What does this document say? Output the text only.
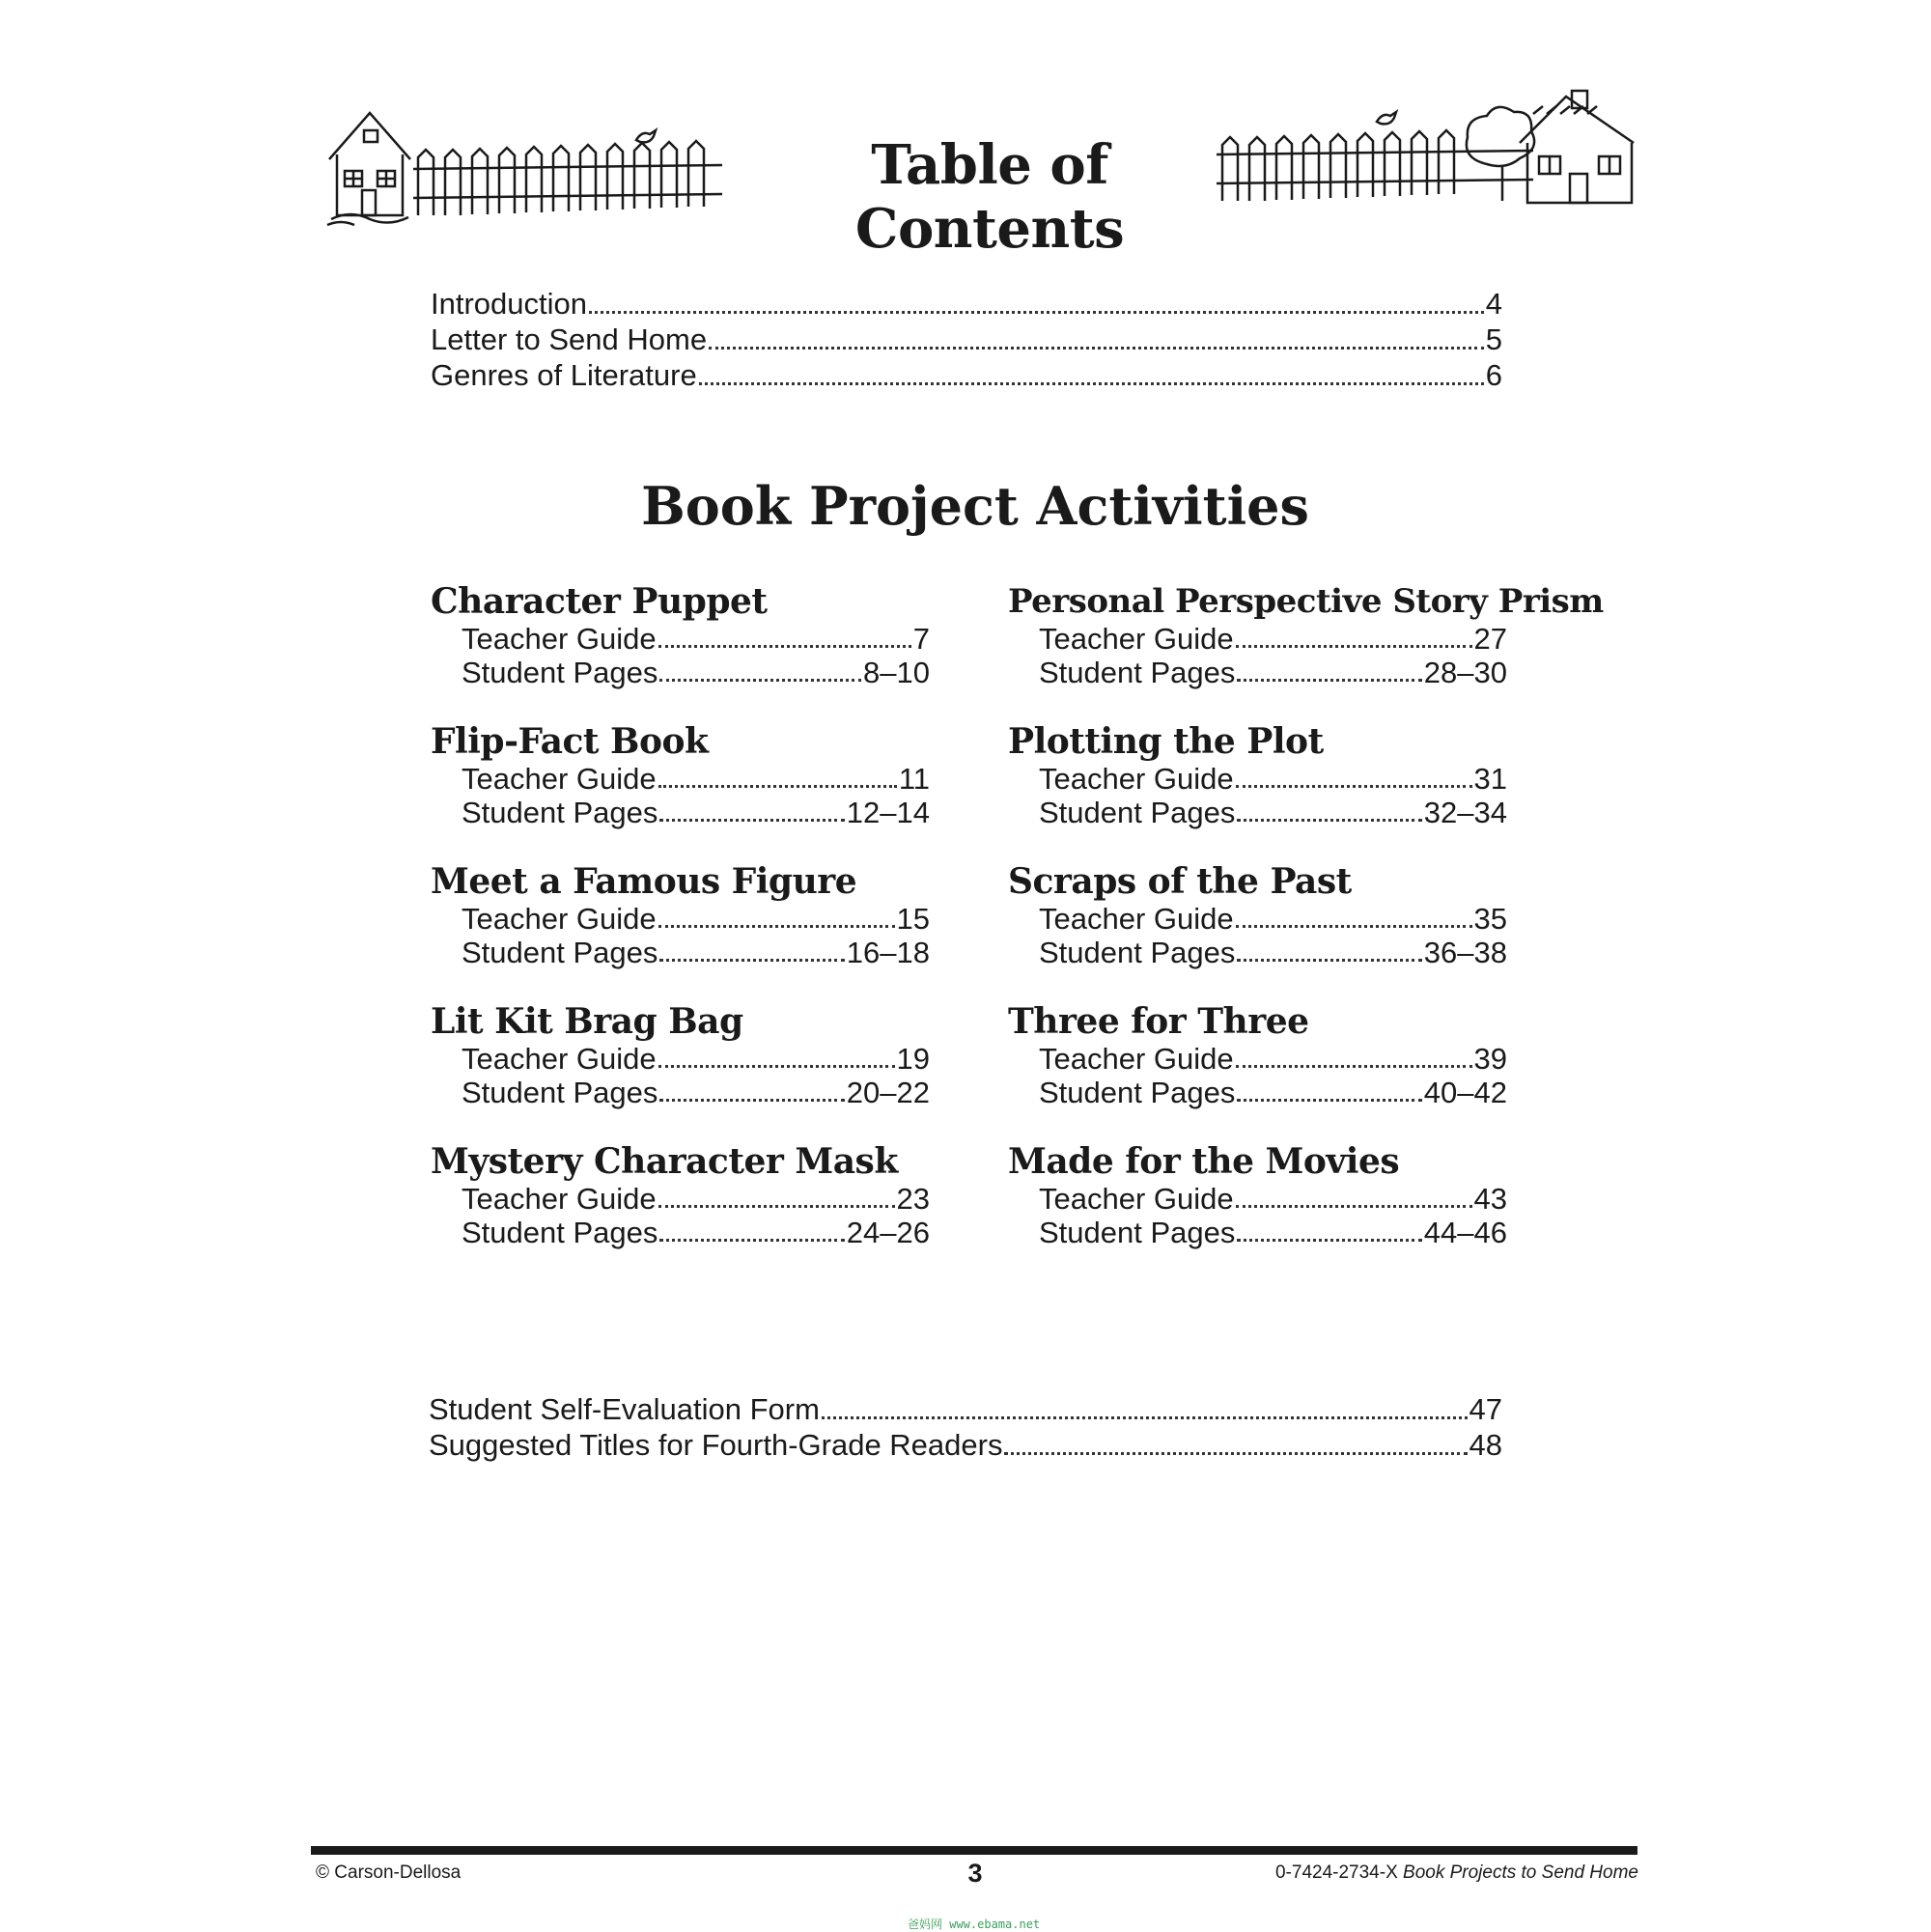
Table of Contents
Introduction	4
Letter to Send Home	5
Genres of Literature	6
Book Project Activities
Character Puppet
Teacher Guide	7
Student Pages	8–10
Flip-Fact Book
Teacher Guide	11
Student Pages	12–14
Meet a Famous Figure
Teacher Guide	15
Student Pages	16–18
Lit Kit Brag Bag
Teacher Guide	19
Student Pages	20–22
Mystery Character Mask
Teacher Guide	23
Student Pages	24–26
Personal Perspective Story Prism
Teacher Guide	27
Student Pages	28–30
Plotting the Plot
Teacher Guide	31
Student Pages	32–34
Scraps of the Past
Teacher Guide	35
Student Pages	36–38
Three for Three
Teacher Guide	39
Student Pages	40–42
Made for the Movies
Teacher Guide	43
Student Pages	44–46
Student Self-Evaluation Form	47
Suggested Titles for Fourth-Grade Readers	48
© Carson-Dellosa	3	0-7424-2734-X Book Projects to Send Home
爸妈网 www.ebama.net
